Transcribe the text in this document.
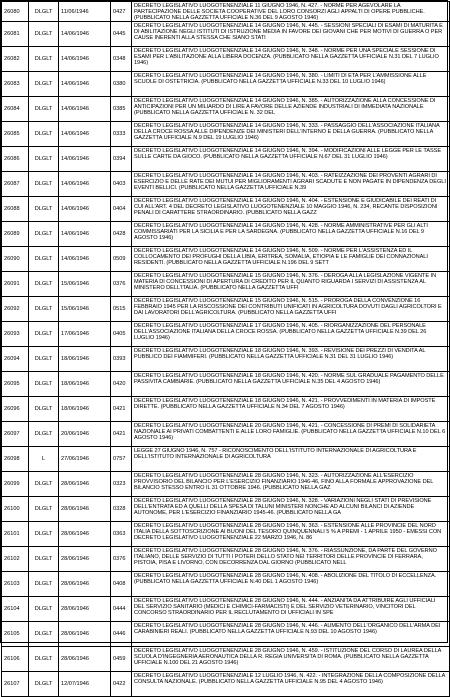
26080	DLGLT	11/06/1946	0427	DECRETO LEGISLATIVO LUOGOTENENZIALE 11 GIUGNO 1946, N. 427. - NORME PER AGEVOLARE LA PARTECIPAZIONE DELLE SOCIETA COOPERATIVE DEL LORO CONSORZI AGLI APPALTI DI OPERE PUBBLICHE. (PUBBLICATO NELLA GAZZETTA UFFICIALE N.36 DEL 9 AGOSTO 1946)
26081	DLGLT	14/06/1946	0445	DECRETO LEGISLATIVO LUOGOTENENZIALE 14 GIUGNO 1946, N. 445. - SESSIONI SPECIALI DI ESAMI DI MATURITA E DI ABILITAZIONE NEGLI ISTITUTI DI ISTRUZIONE MEDIA IN FAVORE DEI GIOVANI CHE PER MOTIVI DI GUERRA O PER CAUSE INERENTI ALLA STESSA CHE SIANO STATI
26082	DLGLT	14/06/1946	0348	DECRETO LEGISLATIVO LUOGOTENENZIALE 14 GIUGNO 1946, N. 348. - NORME PER UNA SPECIALE SESSIONE DI ESAMI PER L'ABILITAZIONE ALLA LIBERA DOCENZA. (PUBBLICATO NELLA GAZZETTA UFFICIALE N.31 DEL 7 LUGLIO 1946)
26083	DLGLT	14/06/1946	0380	DECRETO LEGISLATIVO LUOGOTENENZIALE 14 GIUGNO 1946, N. 380. - LIMITI DI ETA PER L'AMMISSIONE ALLE SCUOLE DI OSTETRICIA. (PUBBLICATO NELLA GAZZETTA UFFICIALE N.33 DEL 10 LUGLIO 1946)
26084	DLGLT	14/06/1946	0385	DECRETO LEGISLATIVO LUOGOTENENZIALE 14 GIUGNO 1946, N. 385. - AUTORIZZAZIONE ALLA CONCESSIONE DI ANTICIPAZIONI PER UN MILIARDO DI LIRE A FAVORE DELLE AZIENDE INDUSTRIALI DI IMMEDIATA NAZIONALE (PUBBLICATO NELLA GAZZETTA UFFICIALE N. 32 DEL
26085	DLGLT	14/06/1946	0333	DECRETO LEGISLATIVO LUOGOTENENZIALE 14 GIUGNO 1946, N. 333. - PASSAGGIO DELL'ASSOCIAZIONE ITALIANA DELLA CROCE ROSSA ALLE DIPENDENZE DEI MINISTERI DELL'INTERNO E DELLA GUERRA. (PUBBLICATO NELLA GAZZETTA UFFICIALE N.9 DEL 19 LUGLIO 1946)
26086	DLGLT	14/06/1946	0394	DECRETO LEGISLATIVO LUOGOTENENZIALE 14 GIUGNO 1946, N. 394. - MODIFICAZIONI ALLE LEGGE PER LE TASSE SULLE CARTE DA GIOCO. (PUBBLICATO NELLA GAZZETTA UFFICIALE N.67 DEL 31 LUGLIO 1946)
26087	DLGLT	14/06/1946	0403	DECRETO LEGISLATIVO LUOGOTENENZIALE 14 GIUGNO 1946, N. 403. - RATEIZZAZIONE DEI PROVENTI AGRARI DI ESERCIZIO E DELLE RATE DEI MUTUI PER MIGLIORAMENTI AGRARI SCADUTE E NON PAGATE IN DIPENDENZA DEGLI EVENTI BELLICI. (PUBBLICATO NELLA GAZZETTA UFFICIALE N.39
26088	DLGLT	14/06/1946	0404	DECRETO LEGISLATIVO LUOGOTENENZIALE 14 GIUGNO 1946, N. 404. - ESTENSIONE E GIUDICABILE DEI REATI DI CUI ALL'ART. 4 DEL DECRETO LEGISLATIVO LUOGOTENENZIALE 10 MAGGIO 1946, N. 234, RECANTE DISPOSIZIONI PENALI DI CARATTERE STRAORDINARIO. (PUBBLICATO NELLA GAZZ
26089	DLGLT	14/06/1946	0428	DECRETO LEGISLATIVO LUOGOTENENZIALE 14 GIUGNO 1946, N. 428. - NORME AMMINISTRATIVE PER GLI ALTI COMMISSARIATI PER LA SICILIA E PER LA SARDEGNA. (PUBBLICATO NELLA GAZZETTA UFFICIALE N.16 DEL 9 AGOSTO 1946)
26090	DLGLT	14/06/1946	0509	DECRETO LEGISLATIVO LUOGOTENENZIALE 14 GIUGNO 1946, N. 509. - NORME PER L'ASSISTENZA ED IL COLLOCAMENTO DEI PROFUGHI DELLA LIBIA, ERITREA, SOMALIA, ETIOPIA E LE FAMIGLIE DEI CONNAZIONALI RESIDENTI. (PUBBLICATO NELLA GAZZETTA UFFICIALE N.196 DEL 9 SETT
26091	DLGLT	15/06/1946	0376	DECRETO LEGISLATIVO LUOGOTENENZIALE 15 GIUGNO 1946, N. 376. - DEROGA ALLA LEGISLAZIONE VIGENTE IN MATERIA DI CONCESSIONI DI APERTURA DI CREDITO PER IL QUANTO RIGUARDA I SERVIZI DI ASSISTENZA AL MINISTERO DELL'ITALIA. (PUBBLICATO NELLA GAZZETTA UFFI
26092	DLGLT	15/06/1946	0515	DECRETO LEGISLATIVO LUOGOTENENZIALE 15 GIUGNO 1946, N. 515. - PROROGA DELLA CONVENZIONE 16 FEBBRAIO 1945 PER LA RISCOSSIONE DEI CONTRIBUTI UNIFICATI IN AGRICOLTURA DOVUTI DAGLI AGRICOLTORI E DAI LAVORATORI DELL'AGRICOLTURA. (PUBBLICATO NELLA GAZZETTA UFFI
26093	DLGLT	17/06/1946	0405	DECRETO LEGISLATIVO LUOGOTENENZIALE 17 GIUGNO 1946, N. 405. - RIORGANIZZAZIONE DEL PERSONALE DELL'ASSOCIAZIONE ITALIANA DELLA CROCE ROSSA. (PUBBLICATO NELLA GAZZETTA UFFICIALE N.39 DEL 26 LUGLIO 1946)
26094	DLGLT	18/06/1946	0393	DECRETO LEGISLATIVO LUOGOTENENZIALE 18 GIUGNO 1946, N. 393. - REVISIONE DEI PREZZI DI VENDITA AL PUBBLICO DEI FIAMMIFERI. (PUBBLICATO NELLA GAZZETTA UFFICIALE N.31 DEL 31 LUGLIO 1946)
26095	DLGLT	18/06/1946	0420	DECRETO LEGISLATIVO LUOGOTENENZIALE 18 GIUGNO 1946, N. 420. - NORME SUL GRADUALE PAGAMENTO DELLE PASSIVITA CAMBIARIE. (PUBBLICATO NELLA GAZZETTA UFFICIALE N.35 DEL 4 AGOSTO 1946)
26096	DLGLT	18/06/1946	0421	DECRETO LEGISLATIVO LUOGOTENENZIALE 18 GIUGNO 1946, N. 421. - PROVVEDIMENTI IN MATERIA DI IMPOSTE DIRETTE. (PUBBLICATO NELLA GAZZETTA UFFICIALE N.34 DEL 7 AGOSTO 1946)
26097	DLGLT	20/06/1946	0421	DECRETO LEGISLATIVO LUOGOTENENZIALE 20 GIUGNO 1946, N. 421. - CONCESSIONE DI PREMI DI SOLIDARIETA NAZIONALE AI PRIVATI COMBATTENTI E ALLE LORO FAMIGLIE. (PUBBLICATO NELLA GAZZETTA UFFICIALE N.10 DEL 6 AGOSTO 1946)
26098	L	27/06/1946	0757	LEGGE 27 GIUGNO 1946, N. 757 - RICONOSCIMENTO DELL'ISTITUTO INTERNAZIONALE DI AGRICOLTURA E DELL'ISTITUTO INTERNAZIONALE DI AGRICOLTURA
26099	DLGLT	28/06/1946	0323	DECRETO LEGISLATIVO LUOGOTENENZIALE 28 GIUGNO 1946, N. 323. - AUTORIZZAZIONE ALL'ESERCIZIO PROVVISORIO DEL BILANCIO PER L'ESERCIZIO FINANZIARIO 1946-46, FINO ALLA FORMALE APPROVAZIONE DEL BILANCIO STESSO ENTRO IL 31 OTTOBRE 1946. (PUBBLICATO NELLA GAZ
26100	DLGLT	28/06/1946	0328	DECRETO LEGISLATIVO LUOGOTENENZIALE 28 GIUGNO 1946, N. 328. - VARIAZIONI NEGLI STATI DI PREVISIONE DELL'ENTRATA ED A QUELLI DELLA SPESA DI TALUNI MINISTERI NONCHE AD ALCUNI BILANCI DI AZIENDE AUTONOME, PER L'ESERCIZIO FINANZIARIO 1945-46. (PUBBLICATO NELLA GA
26101	DLGLT	28/06/1946	0363	DECRETO LEGISLATIVO LUOGOTENENZIALE 28 GIUGNO 1946, N. 363. - ESTENSIONE ALLE PROVINCIE DEL NORD ITALIA DELLA SOTTOSCRIZIONE AI BUONI DEL TESORO QUINQUENNALI 5 % A PREMI - 1 APRILE 1950 - EMESSI CON DECRETO LEGISLATIVO LUOGOTENENZIALE 22 MARZO 1946, N. 86
26102	DLGLT	28/06/1946	0376	DECRETO LEGISLATIVO LUOGOTENENZIALE 28 GIUGNO 1946, N. 376. - RIASSUNZIONE, DA PARTE DEL GOVERNO ITALIANO, DELLE SERVIZIO DI TUTTI I POTERI DELLO STATO NEI TERRITORI DELLE PROVINCIE DI FERRARA, PISTOIA, PISA E LIVORNO, CON DECORRENZA DAL GIORNO (PUBBLICATO NELL
26103	DLGLT	28/06/1946	0408	DECRETO LEGISLATIVO LUOGOTENENZIALE 28 GIUGNO 1946, N. 408. - ABOLIZIONE DEL TITOLO DI ECCELLENZA. (PUBBLICATO NELLA GAZZETTA UFFICIALE N.40 DEL 1 AGOSTO 1946)
26104	DLGLT	28/06/1946	0444	DECRETO LEGISLATIVO LUOGOTENENZIALE 28 GIUGNO 1946, N. 444. - ANZIANITA DA ATTRIBUIRE AGLI UFFICIALI DEL SERVIZIO SANITARIO (MEDICI E CHIMICI-FARMACISTI) E DEL SERVIZIO VETERINARIO, VINCITORI DEL CONCORSO STRAORDINARIO PER IL RECLUTAMENTO DI UFFICIALI IN SPE
26105	DLGLT	28/06/1946	0446	DECRETO LEGISLATIVO LUOGOTENENZIALE 28 GIUGNO 1946, N. 446. - AUMENTO DELL'ORGANICO DELL'ARMA DEI CARABINIERI REALI. (PUBBLICATO NELLA GAZZETTA UFFICIALE N.93 DEL 10 AGOSTO 1946)
26106	DLGLT	28/06/1946	0459	DECRETO LEGISLATIVO LUOGOTENENZIALE 28 GIUGNO 1946, N. 459. - ISTITUZIONE DEL CORSO DI LAUREA DELLA SCUOLA D'INGEGNERIA AERONAUTICA DELLA R. REGIA UNIVERSITA DI ROMA. (PUBBLICATO NELLA GAZZETTA UFFICIALE N.100 DEL 21 AGOSTO 1946)
26107	DLGLT	12/07/1946	0422	DECRETO LEGISLATIVO LUOGOTENENZIALE 12 LUGLIO 1946, N. 422. - INTEGRAZIONE DELLA COMPOSIZIONE DELLA CONSULTA NAZIONALE. (PUBBLICATO NELLA GAZZETTA UFFICIALE N.95 DEL 4 AGOSTO 1946)
